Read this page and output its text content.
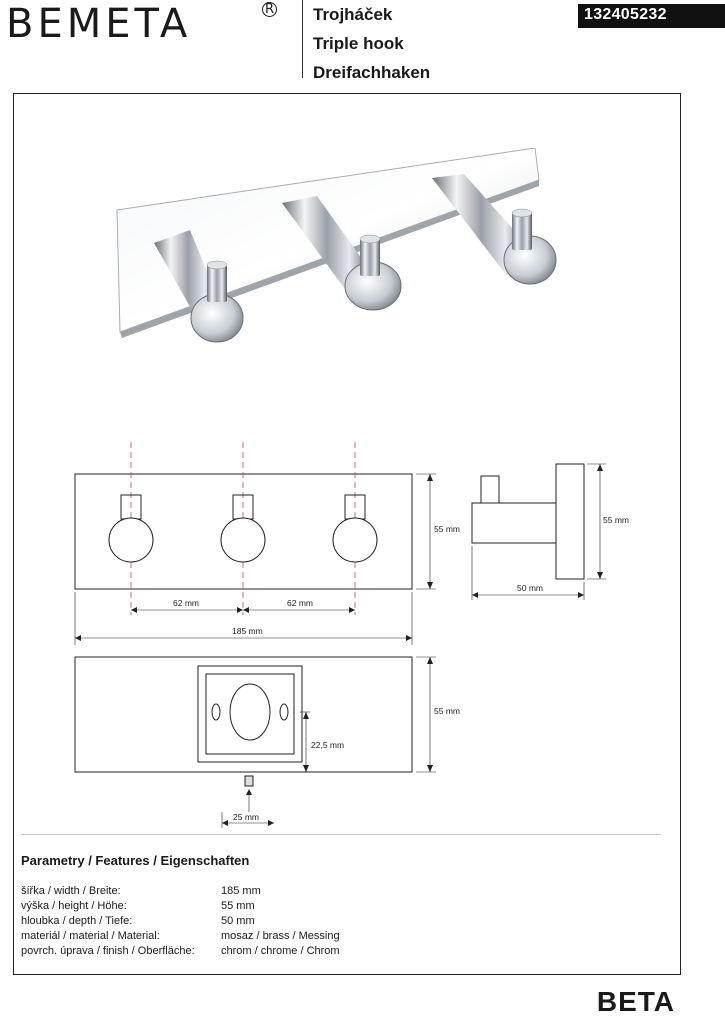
BEMETA	R Trojháček
Triple hook
Dreifachhaken
132405232
55 mm
62 mm	62 mm
185 mm
55 mm
50 mm
55 mm
22,5 mm
25 mm
Parametry / Features / Eigenschaften
šířka / width / Breite:	185 mm
výška / height / Höhe:	55 mm
hloubka / depth / Tiefe:	50 mm
materiál / material / Material:	mosaz / brass / Messing
povrch. úprava / finish / Oberfläche:	chrom / chrome / Chrom
BETA
